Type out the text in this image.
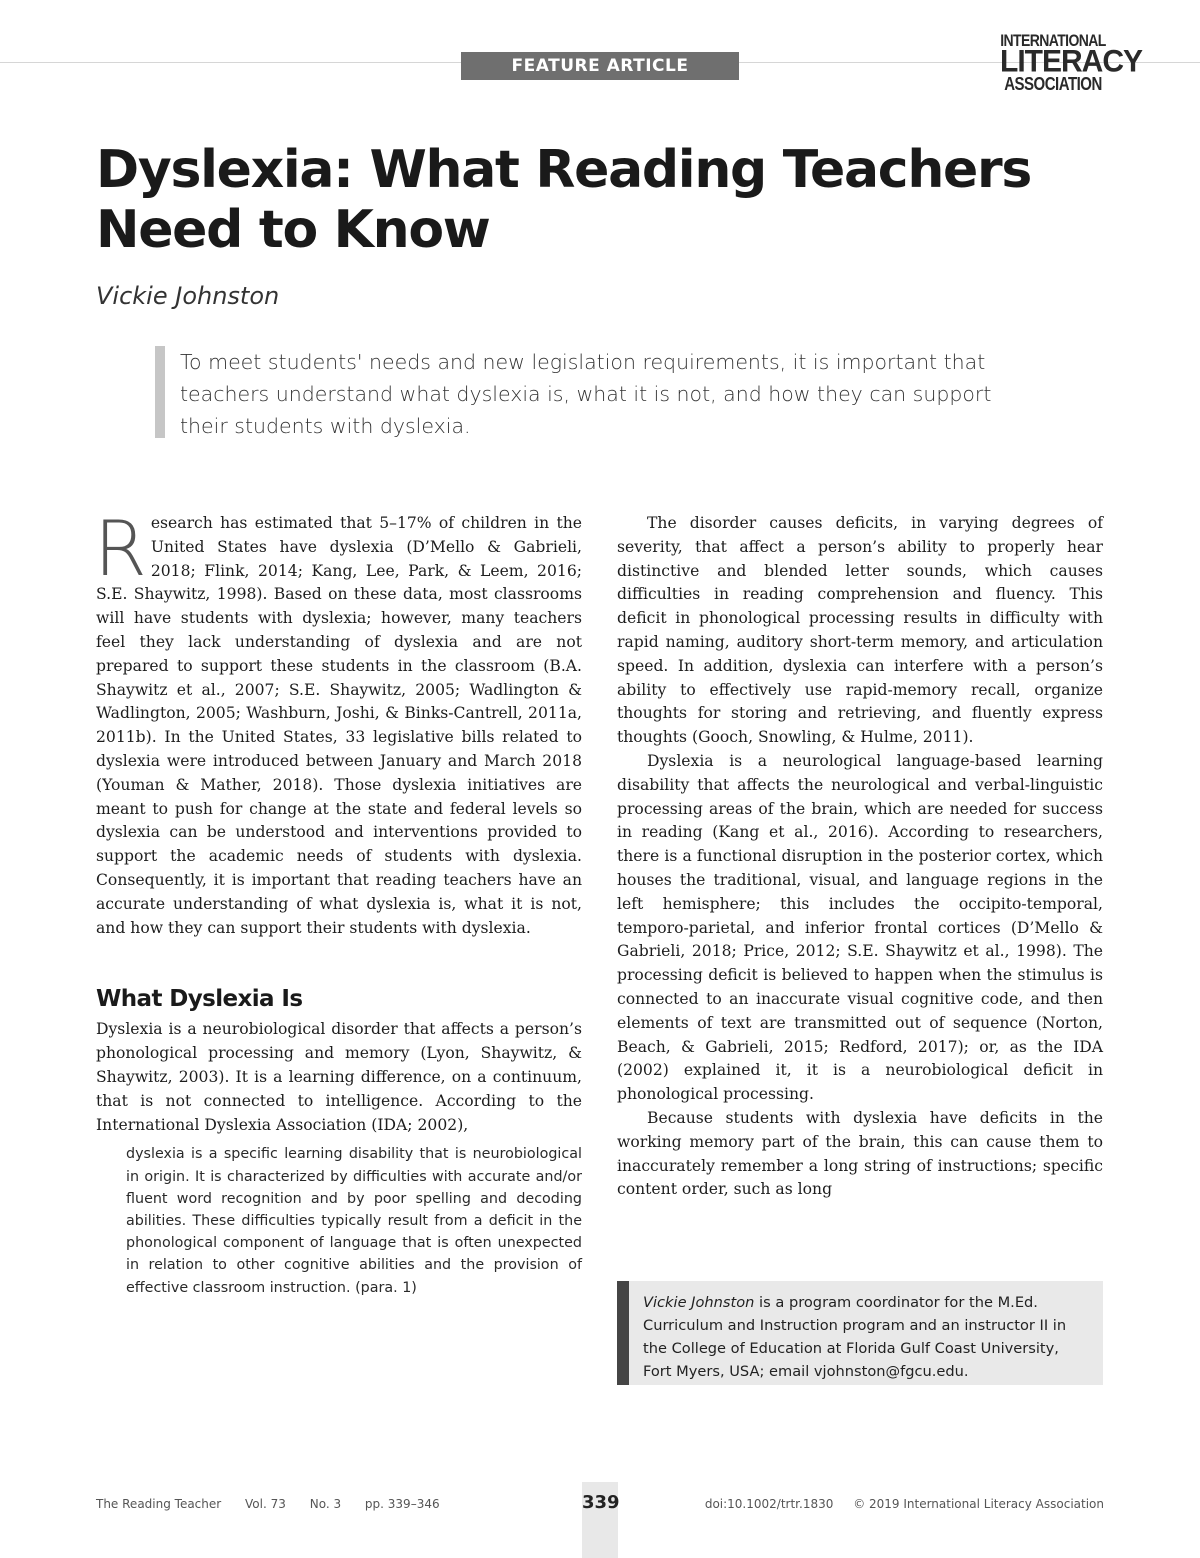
FEATURE ARTICLE
INTERNATIONAL
LITERACY
ASSOCIATION
Dyslexia: What Reading Teachers Need to Know

Vickie Johnston

To meet students' needs and new legislation requirements, it is important that teachers understand what dyslexia is, what it is not, and how they can support their students with dyslexia.

Research has estimated that 5–17% of children in the United States have dyslexia (D’Mello & Gabrieli, 2018; Flink, 2014; Kang, Lee, Park, & Leem, 2016; S.E. Shaywitz, 1998). Based on these data, most classrooms will have students with dyslexia; however, many teachers feel they lack understanding of dyslexia and are not prepared to support these students in the classroom (B.A. Shaywitz et al., 2007; S.E. Shaywitz, 2005; Wadlington & Wadlington, 2005; Washburn, Joshi, & Binks-Cantrell, 2011a, 2011b). In the United States, 33 legislative bills related to dyslexia were introduced between January and March 2018 (Youman & Mather, 2018). Those dyslexia initiatives are meant to push for change at the state and federal levels so dyslexia can be understood and interventions provided to support the academic needs of students with dyslexia. Consequently, it is important that reading teachers have an accurate understanding of what dyslexia is, what it is not, and how they can support their students with dyslexia.

What Dyslexia Is

Dyslexia is a neurobiological disorder that affects a person’s phonological processing and memory (Lyon, Shaywitz, & Shaywitz, 2003). It is a learning difference, on a continuum, that is not connected to intelligence. According to the International Dyslexia Association (IDA; 2002),

dyslexia is a specific learning disability that is neurobiological in origin. It is characterized by difficulties with accurate and/or fluent word recognition and by poor spelling and decoding abilities. These difficulties typically result from a deficit in the phonological component of language that is often unexpected in relation to other cognitive abilities and the provision of effective classroom instruction. (para. 1)

The disorder causes deficits, in varying degrees of severity, that affect a person’s ability to properly hear distinctive and blended letter sounds, which causes difficulties in reading comprehension and fluency. This deficit in phonological processing results in difficulty with rapid naming, auditory short-term memory, and articulation speed. In addition, dyslexia can interfere with a person’s ability to effectively use rapid-memory recall, organize thoughts for storing and retrieving, and fluently express thoughts (Gooch, Snowling, & Hulme, 2011).

Dyslexia is a neurological language-based learning disability that affects the neurological and verbal-linguistic processing areas of the brain, which are needed for success in reading (Kang et al., 2016). According to researchers, there is a functional disruption in the posterior cortex, which houses the traditional, visual, and language regions in the left hemisphere; this includes the occipito-temporal, temporo-parietal, and inferior frontal cortices (D’Mello & Gabrieli, 2018; Price, 2012; S.E. Shaywitz et al., 1998). The processing deficit is believed to happen when the stimulus is connected to an inaccurate visual cognitive code, and then elements of text are transmitted out of sequence (Norton, Beach, & Gabrieli, 2015; Redford, 2017); or, as the IDA (2002) explained it, it is a neurobiological deficit in phonological processing.

Because students with dyslexia have deficits in the working memory part of the brain, this can cause them to inaccurately remember a long string of instructions; specific content order, such as long

Vickie Johnston is a program coordinator for the M.Ed. Curriculum and Instruction program and an instructor II in the College of Education at Florida Gulf Coast University, Fort Myers, USA; email vjohnston@fgcu.edu.
339
The Reading Teacher Vol. 73 No. 3 pp. 339–346	doi:10.1002/trtr.1830 © 2019 International Literacy Association
